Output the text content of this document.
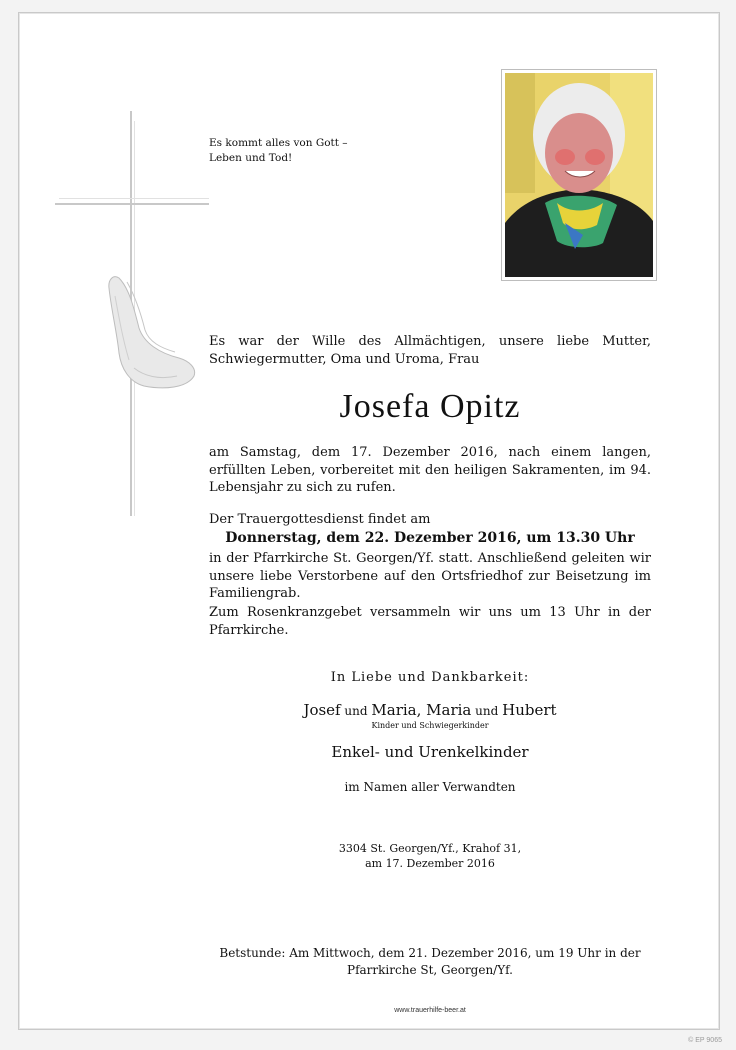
Es kommt alles von Gott –
Leben und Tod!
Es war der Wille des Allmächtigen, unsere liebe Mutter, Schwiegermutter, Oma und Uroma, Frau
Josefa Opitz
am Samstag, dem 17. Dezember 2016, nach einem langen, erfüllten Leben, vorbereitet mit den heiligen Sakramenten, im 94. Lebensjahr zu sich zu rufen.
Der Trauergottesdienst findet am
Donnerstag, dem 22. Dezember 2016, um 13.30 Uhr
in der Pfarrkirche St. Georgen/Yf. statt. Anschließend geleiten wir unsere liebe Verstorbene auf den Ortsfriedhof zur Beisetzung im Familiengrab.
Zum Rosenkranzgebet versammeln wir uns um 13 Uhr in der Pfarrkirche.
In Liebe und Dankbarkeit:
Josef und Maria, Maria und Hubert
Kinder und Schwiegerkinder
Enkel- und Urenkelkinder
im Namen aller Verwandten
3304 St. Georgen/Yf., Krahof 31,
am 17. Dezember 2016
Betstunde: Am Mittwoch, dem 21. Dezember 2016, um 19 Uhr in der
Pfarrkirche St, Georgen/Yf.
www.trauerhilfe-beer.at
© EP 9065
